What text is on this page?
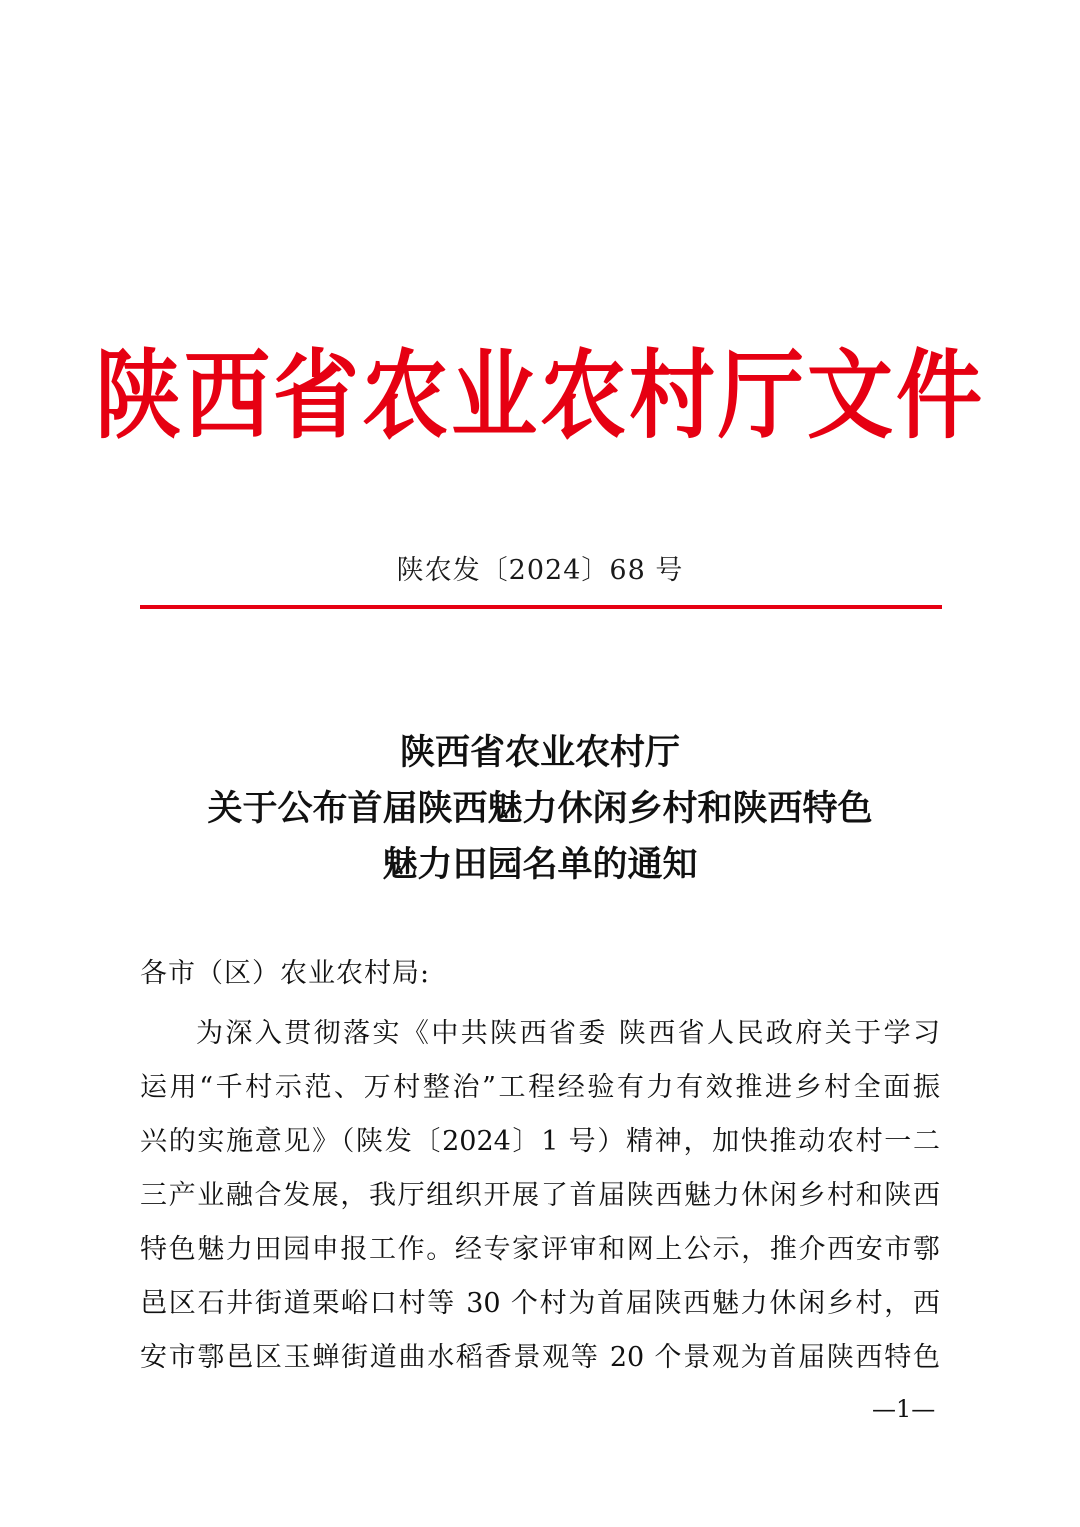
陕西省农业农村厅文件
陕农发〔2024〕68 号
陕西省农业农村厅
关于公布首届陕西魅力休闲乡村和陕西特色
魅力田园名单的通知
各市（区）农业农村局:
为深入贯彻落实《中共陕西省委 陕西省人民政府关于学习
运用“千村示范、万村整治”工程经验有力有效推进乡村全面振
兴的实施意见》（陕发〔2024〕1 号）精神，加快推动农村一二
三产业融合发展，我厅组织开展了首届陕西魅力休闲乡村和陕西
特色魅力田园申报工作。经专家评审和网上公示，推介西安市鄠
邑区石井街道栗峪口村等 30 个村为首届陕西魅力休闲乡村，西
安市鄠邑区玉蝉街道曲水稻香景观等 20 个景观为首届陕西特色
—1—
